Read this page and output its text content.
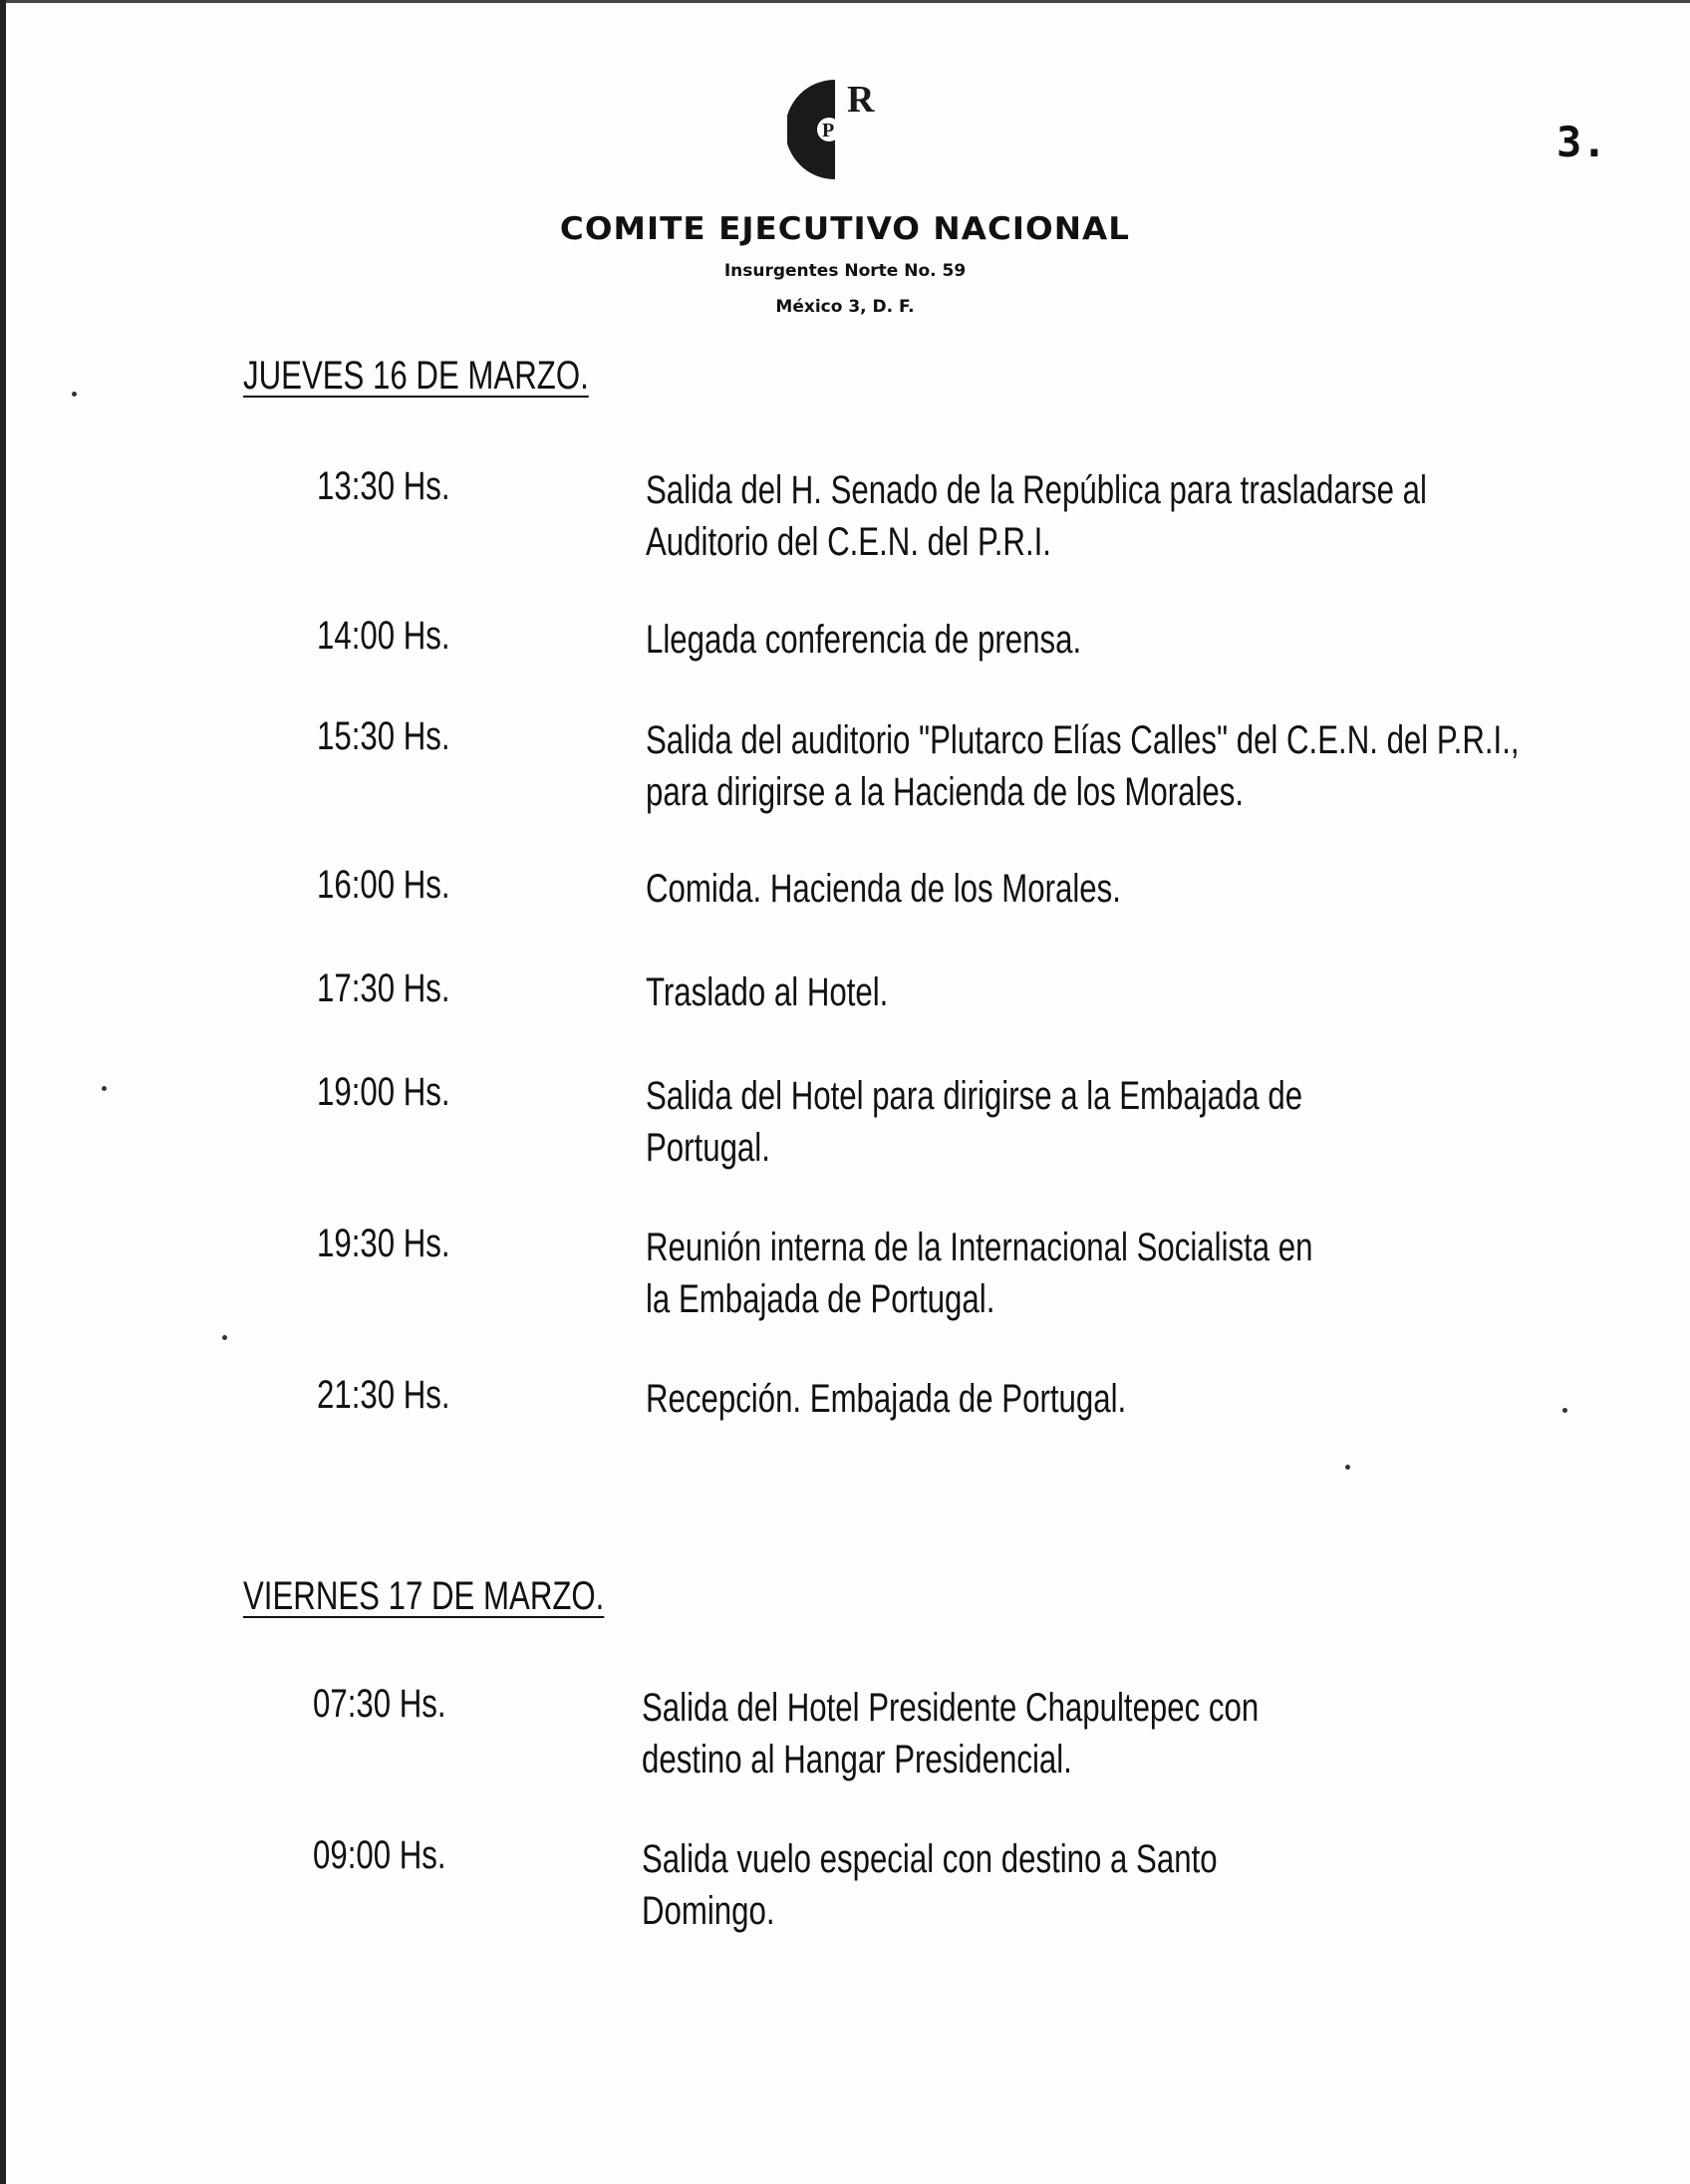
P
R
3.
COMITE EJECUTIVO NACIONAL
Insurgentes Norte No. 59
México 3, D. F.
JUEVES 16 DE MARZO.
13:30 Hs.	Salida del H. Senado de la República para trasladarse al Auditorio del C.E.N. del P.R.I.
14:00 Hs.	Llegada conferencia de prensa.
15:30 Hs.	Salida del auditorio "Plutarco Elías Calles" del C.E.N. del P.R.I., para dirigirse a la Hacienda de los Morales.
16:00 Hs.	Comida. Hacienda de los Morales.
17:30 Hs.	Traslado al Hotel.
19:00 Hs.	Salida del Hotel para dirigirse a la Embajada de Portugal.
19:30 Hs.	Reunión interna de la Internacional Socialista en la Embajada de Portugal.
21:30 Hs.	Recepción. Embajada de Portugal.
VIERNES 17 DE MARZO.
07:30 Hs.	Salida del Hotel Presidente Chapultepec con destino al Hangar Presidencial.
09:00 Hs.	Salida vuelo especial con destino a Santo Domingo.
